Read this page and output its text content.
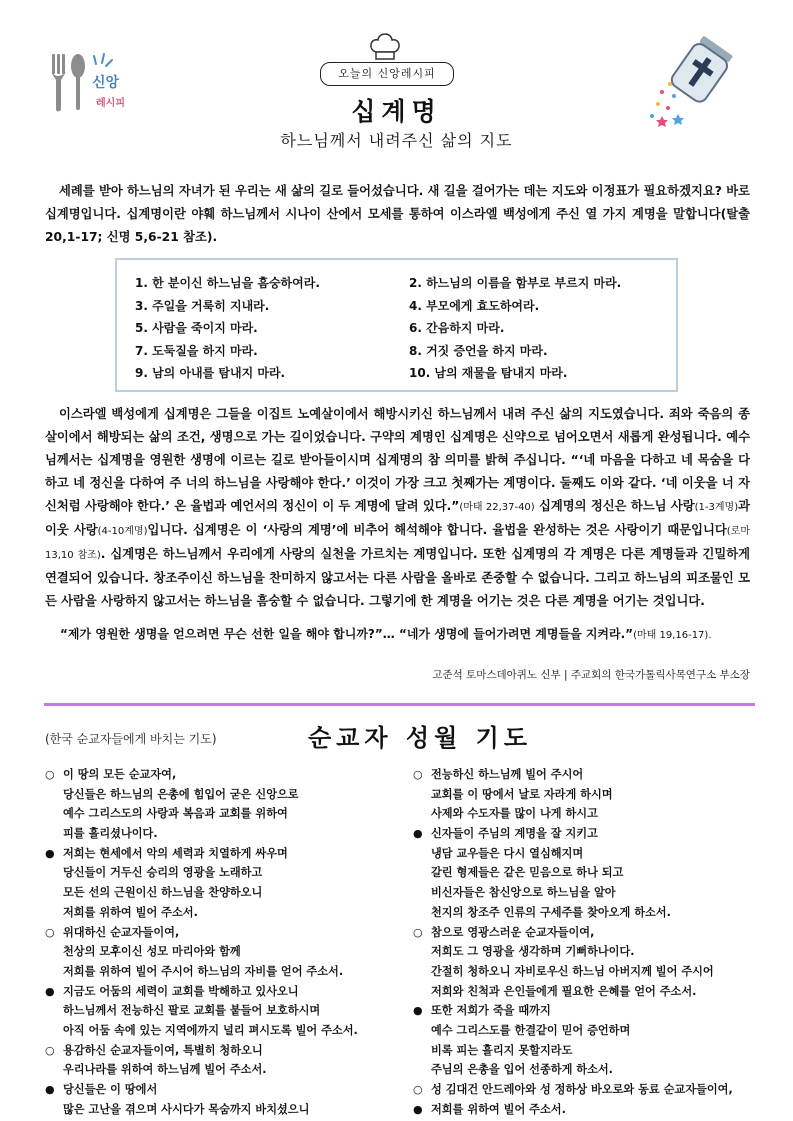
신앙
레시피
오늘의 신앙레시피
십계명
하느님께서 내려주신 삶의 지도
세례를 받아 하느님의 자녀가 된 우리는 새 삶의 길로 들어섰습니다. 새 길을 걸어가는 데는 지도와 이정표가 필요하겠지요? 바로 십계명입니다. 십계명이란 야훼 하느님께서 시나이 산에서 모세를 통하여 이스라엘 백성에게 주신 열 가지 계명을 말합니다(탈출 20,1-17; 신명 5,6-21 참조).
1. 한 분이신 하느님을 흠숭하여라.
3. 주일을 거룩히 지내라.
5. 사람을 죽이지 마라.
7. 도둑질을 하지 마라.
9. 남의 아내를 탐내지 마라.
2. 하느님의 이름을 함부로 부르지 마라.
4. 부모에게 효도하여라.
6. 간음하지 마라.
8. 거짓 증언을 하지 마라.
10. 남의 재물을 탐내지 마라.
이스라엘 백성에게 십계명은 그들을 이집트 노예살이에서 해방시키신 하느님께서 내려 주신 삶의 지도였습니다. 죄와 죽음의 종살이에서 해방되는 삶의 조건, 생명으로 가는 길이었습니다. 구약의 계명인 십계명은 신약으로 넘어오면서 새롭게 완성됩니다. 예수님께서는 십계명을 영원한 생명에 이르는 길로 받아들이시며 십계명의 참 의미를 밝혀 주십니다. “‘네 마음을 다하고 네 목숨을 다하고 네 정신을 다하여 주 너의 하느님을 사랑해야 한다.’ 이것이 가장 크고 첫째가는 계명이다. 둘째도 이와 같다. ‘네 이웃을 너 자신처럼 사랑해야 한다.’ 온 율법과 예언서의 정신이 이 두 계명에 달려 있다.”(마태 22,37-40) 십계명의 정신은 하느님 사랑(1-3계명)과 이웃 사랑(4-10계명)입니다. 십계명은 이 ‘사랑의 계명’에 비추어 해석해야 합니다. 율법을 완성하는 것은 사랑이기 때문입니다(로마 13,10 참조). 십계명은 하느님께서 우리에게 사랑의 실천을 가르치는 계명입니다. 또한 십계명의 각 계명은 다른 계명들과 긴밀하게 연결되어 있습니다. 창조주이신 하느님을 찬미하지 않고서는 다른 사람을 올바로 존중할 수 없습니다. 그리고 하느님의 피조물인 모든 사람을 사랑하지 않고서는 하느님을 흠숭할 수 없습니다. 그렇기에 한 계명을 어기는 것은 다른 계명을 어기는 것입니다.
“제가 영원한 생명을 얻으려면 무슨 선한 일을 해야 합니까?”… “네가 생명에 들어가려면 계명들을 지켜라.”(마태 19,16-17).
고준석 토마스데아퀴노 신부 | 주교회의 한국가톨릭사목연구소 부소장
(한국 순교자들에게 바치는 기도)	순교자 성월 기도
○ 이 땅의 모든 순교자여,
당신들은 하느님의 은총에 힘입어 굳은 신앙으로
예수 그리스도의 사랑과 복음과 교회를 위하여
피를 흘리셨나이다.
● 저희는 현세에서 악의 세력과 치열하게 싸우며
당신들이 거두신 승리의 영광을 노래하고
모든 선의 근원이신 하느님을 찬양하오니
저희를 위하여 빌어 주소서.
○ 위대하신 순교자들이여,
천상의 모후이신 성모 마리아와 함께
저희를 위하여 빌어 주시어 하느님의 자비를 얻어 주소서.
● 지금도 어둠의 세력이 교회를 박해하고 있사오니
하느님께서 전능하신 팔로 교회를 붙들어 보호하시며
아직 어둠 속에 있는 지역에까지 널리 펴시도록 빌어 주소서.
○ 용감하신 순교자들이여, 특별히 청하오니
우리나라를 위하여 하느님께 빌어 주소서.
● 당신들은 이 땅에서
많은 고난을 겪으며 사시다가 목숨까지 바치셨으니
○ 전능하신 하느님께 빌어 주시어
교회를 이 땅에서 날로 자라게 하시며
사제와 수도자를 많이 나게 하시고
● 신자들이 주님의 계명을 잘 지키고
냉담 교우들은 다시 열심해지며
갈린 형제들은 같은 믿음으로 하나 되고
비신자들은 참신앙으로 하느님을 알아
천지의 창조주 인류의 구세주를 찾아오게 하소서.
○ 참으로 영광스러운 순교자들이여,
저희도 그 영광을 생각하며 기뻐하나이다.
간절히 청하오니 자비로우신 하느님 아버지께 빌어 주시어
저희와 친척과 은인들에게 필요한 은혜를 얻어 주소서.
● 또한 저희가 죽을 때까지
예수 그리스도를 한결같이 믿어 증언하며
비록 피는 흘리지 못할지라도
주님의 은총을 입어 선종하게 하소서.
○ 성 김대건 안드레아와 성 정하상 바오로와 동료 순교자들이여,
● 저희를 위하여 빌어 주소서.
